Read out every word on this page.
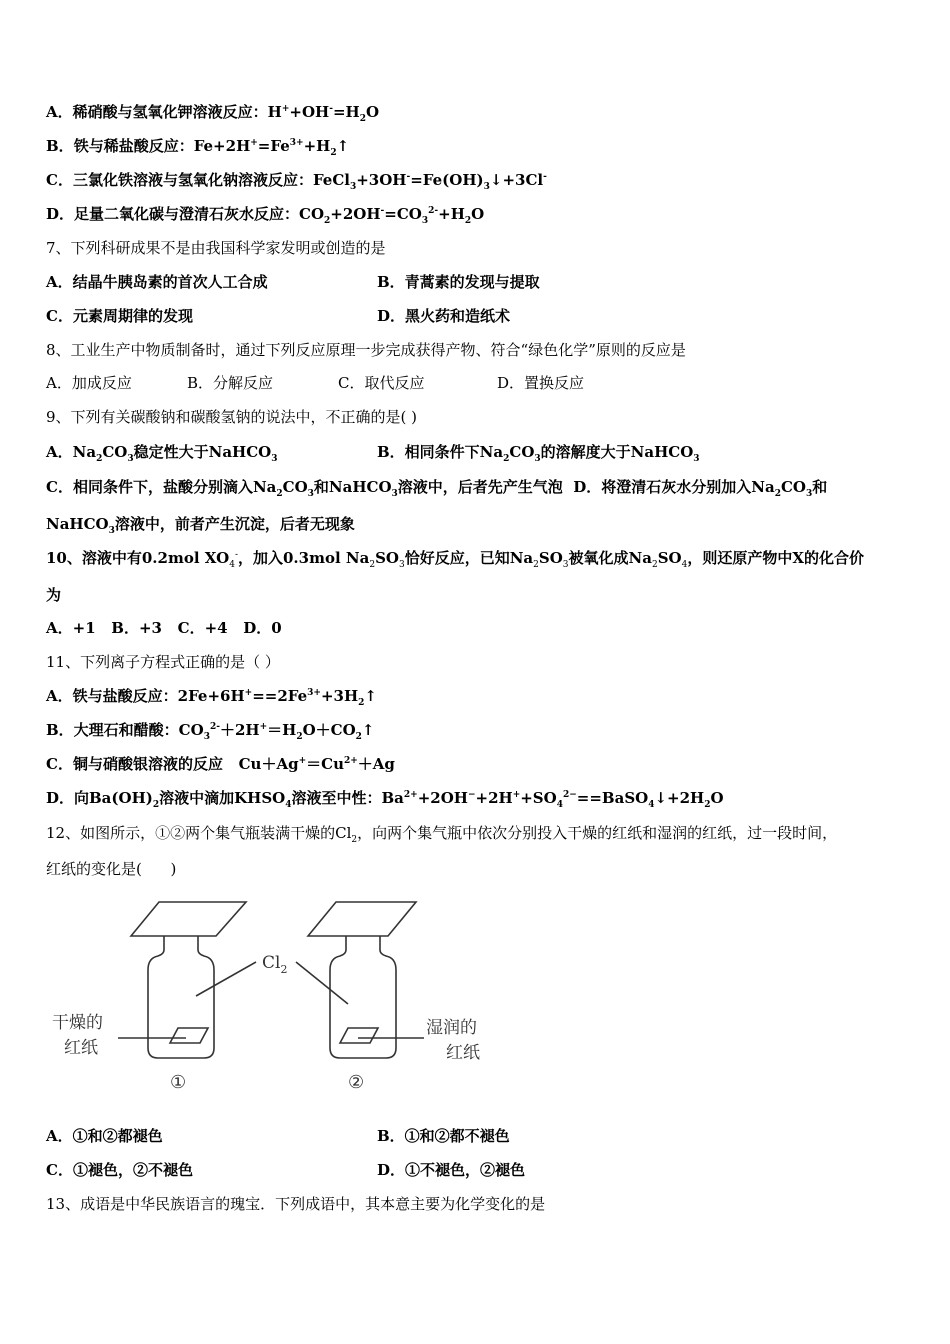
A．稀硝酸与氢氧化钾溶液反应：$H^++OH^-=H_2O$
B．铁与稀盐酸反应：$Fe+2H^+=Fe^{3+}+H_2↑$
C．三氯化铁溶液与氢氧化钠溶液反应：$FeCl_3+3OH^-=Fe(OH)_3↓+3Cl^-$
D．足量二氧化碳与澄清石灰水反应：$CO_2+2OH^-=CO_3^{2-}+H_2O$
7、下列科研成果不是由我国科学家发明或创造的是
A．结晶牛胰岛素的首次人工合成	B．青蒿素的发现与提取
C．元素周期律的发现	D．黑火药和造纸术
8、工业生产中物质制备时，通过下列反应原理一步完成获得产物、符合“绿色化学”原则的反应是
A．加成反应	B．分解反应	C．取代反应	D．置换反应
9、下列有关碳酸钠和碳酸氢钠的说法中，不正确的是( )
A．$Na_2CO_3$稳定性大于NaHCO$_3$	B．相同条件下$Na_2CO_3$的溶解度大于NaHCO$_3$
C．相同条件下，盐酸分别滴入$Na_2CO_3$和NaHCO$_3$溶液中，后者先产生气泡 D．将澄清石灰水分别加入$Na_2CO_3$和
NaHCO$_3$溶液中，前者产生沉淀，后者无现象
10、溶液中有0.2mol $XO_4^-$，加入0.3mol $Na_2SO_3$恰好反应，已知$Na_2SO_3$被氧化成$Na_2SO_4$，则还原产物中X的化合价
为
A．+1   B．+3   C．+4   D．0
11、下列离子方程式正确的是（ ）
A．铁与盐酸反应：$2Fe+6H^+==2Fe^{3+}+3H_2↑$
B．大理石和醋酸：$CO_3^{2-}+2H^+=H_2O+CO_2↑$
C．铜与硝酸银溶液的反应   $Cu+Ag^+=Cu^{2+}+Ag$
D．向$Ba(OH)_2$溶液中滴加$KHSO_4$溶液至中性：$Ba^{2+}+2OH^-+2H^++SO_4^{2-}==BaSO_4↓+2H_2O$
12、如图所示，①②两个集气瓶装满干燥的$Cl_2$，向两个集气瓶中依次分别投入干燥的红纸和湿润的红纸，过一段时间，
红纸的变化是(      )
$Cl_2$
干燥的
红纸
湿润的
红纸
①	②
A．①和②都褪色	B．①和②都不褪色
C．①褪色，②不褪色	D．①不褪色，②褪色
13、成语是中华民族语言的瑰宝．下列成语中，其本意主要为化学变化的是
